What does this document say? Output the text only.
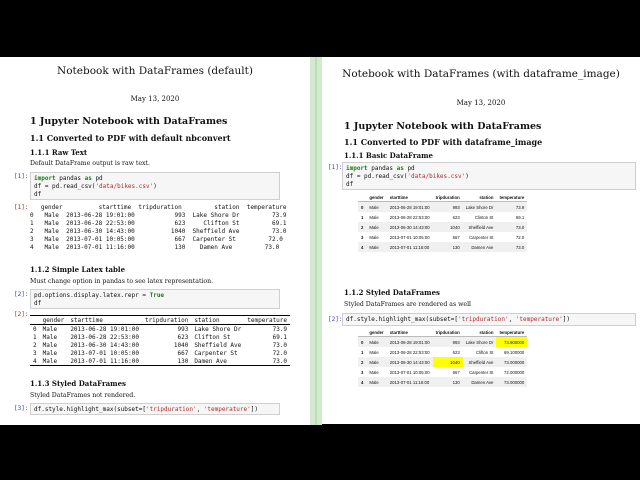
Notebook with DataFrames (default)
May 13, 2020
1 Jupyter Notebook with DataFrames
1.1 Converted to PDF with default nbconvert
1.1.1 Raw Text
Default DataFrame output is raw text.
[1]: import pandas as pd
df = pd.read_csv('data/bikes.csv')
df
[1]: gender          starttime  tripduration         station  temperature
0   Male  2013-06-28 19:01:00           993  Lake Shore Dr         73.9
1   Male  2013-06-28 22:53:00           623     Clifton St         69.1
2   Male  2013-06-30 14:43:00          1040  Sheffield Ave         73.0
3   Male  2013-07-01 10:05:00           667  Carpenter St         72.0
4   Male  2013-07-01 11:16:00           130    Damen Ave         73.0
1.1.2 Simple Latex table
Must change option in pandas to see latex representation.
[2]: pd.options.display.latex.repr = True
df
[2]:
	gender	starttime	tripduration	station	temperature
0	Male	2013-06-28 19:01:00	993	Lake Shore Dr	73.9
1	Male	2013-06-28 22:53:00	623	Clifton St	69.1
2	Male	2013-06-30 14:43:00	1040	Sheffield Ave	73.0
3	Male	2013-07-01 10:05:00	667	Carpenter St	72.0
4	Male	2013-07-01 11:16:00	130	Damen Ave	73.0
1.1.3 Styled DataFrames
Styled DataFrames not rendered.
[3]: df.style.highlight_max(subset=['tripduration', 'temperature'])
Notebook with DataFrames (with dataframe_image)
May 13, 2020
1 Jupyter Notebook with DataFrames
1.1 Converted to PDF with dataframe_image
1.1.1 Basic DataFrame
[1]: import pandas as pd
df = pd.read_csv('data/bikes.csv')
df
	gender	starttime	tripduration	station	temperature
0	Male	2013-06-28 19:01:00	993	Lake Shore Dr	73.9
1	Male	2013-06-28 22:53:00	623	Clinton St	69.1
2	Male	2013-06-30 14:43:00	1040	Sheffield Ave	73.0
3	Male	2013-07-01 10:05:00	667	Carpenter St	72.0
4	Male	2013-07-01 11:16:00	130	Damen Ave	73.0
1.1.2 Styled DataFrames
Styled DataFrames are rendered as well
[2]: df.style.highlight_max(subset=['tripduration', 'temperature'])
	gender	starttime	tripduration	station	temperature
0	Male	2013-06-28 19:01:00	993	Lake Shore Dr	73.900000
1	Male	2013-06-28 22:53:00	623	Clifton St	69.100000
2	Male	2013-06-30 14:43:00	1040	Sheffield Ave	73.000000
3	Male	2013-07-01 10:05:00	667	Carpenter St	72.000000
4	Male	2013-07-01 11:16:00	130	Damen Ave	73.000000
